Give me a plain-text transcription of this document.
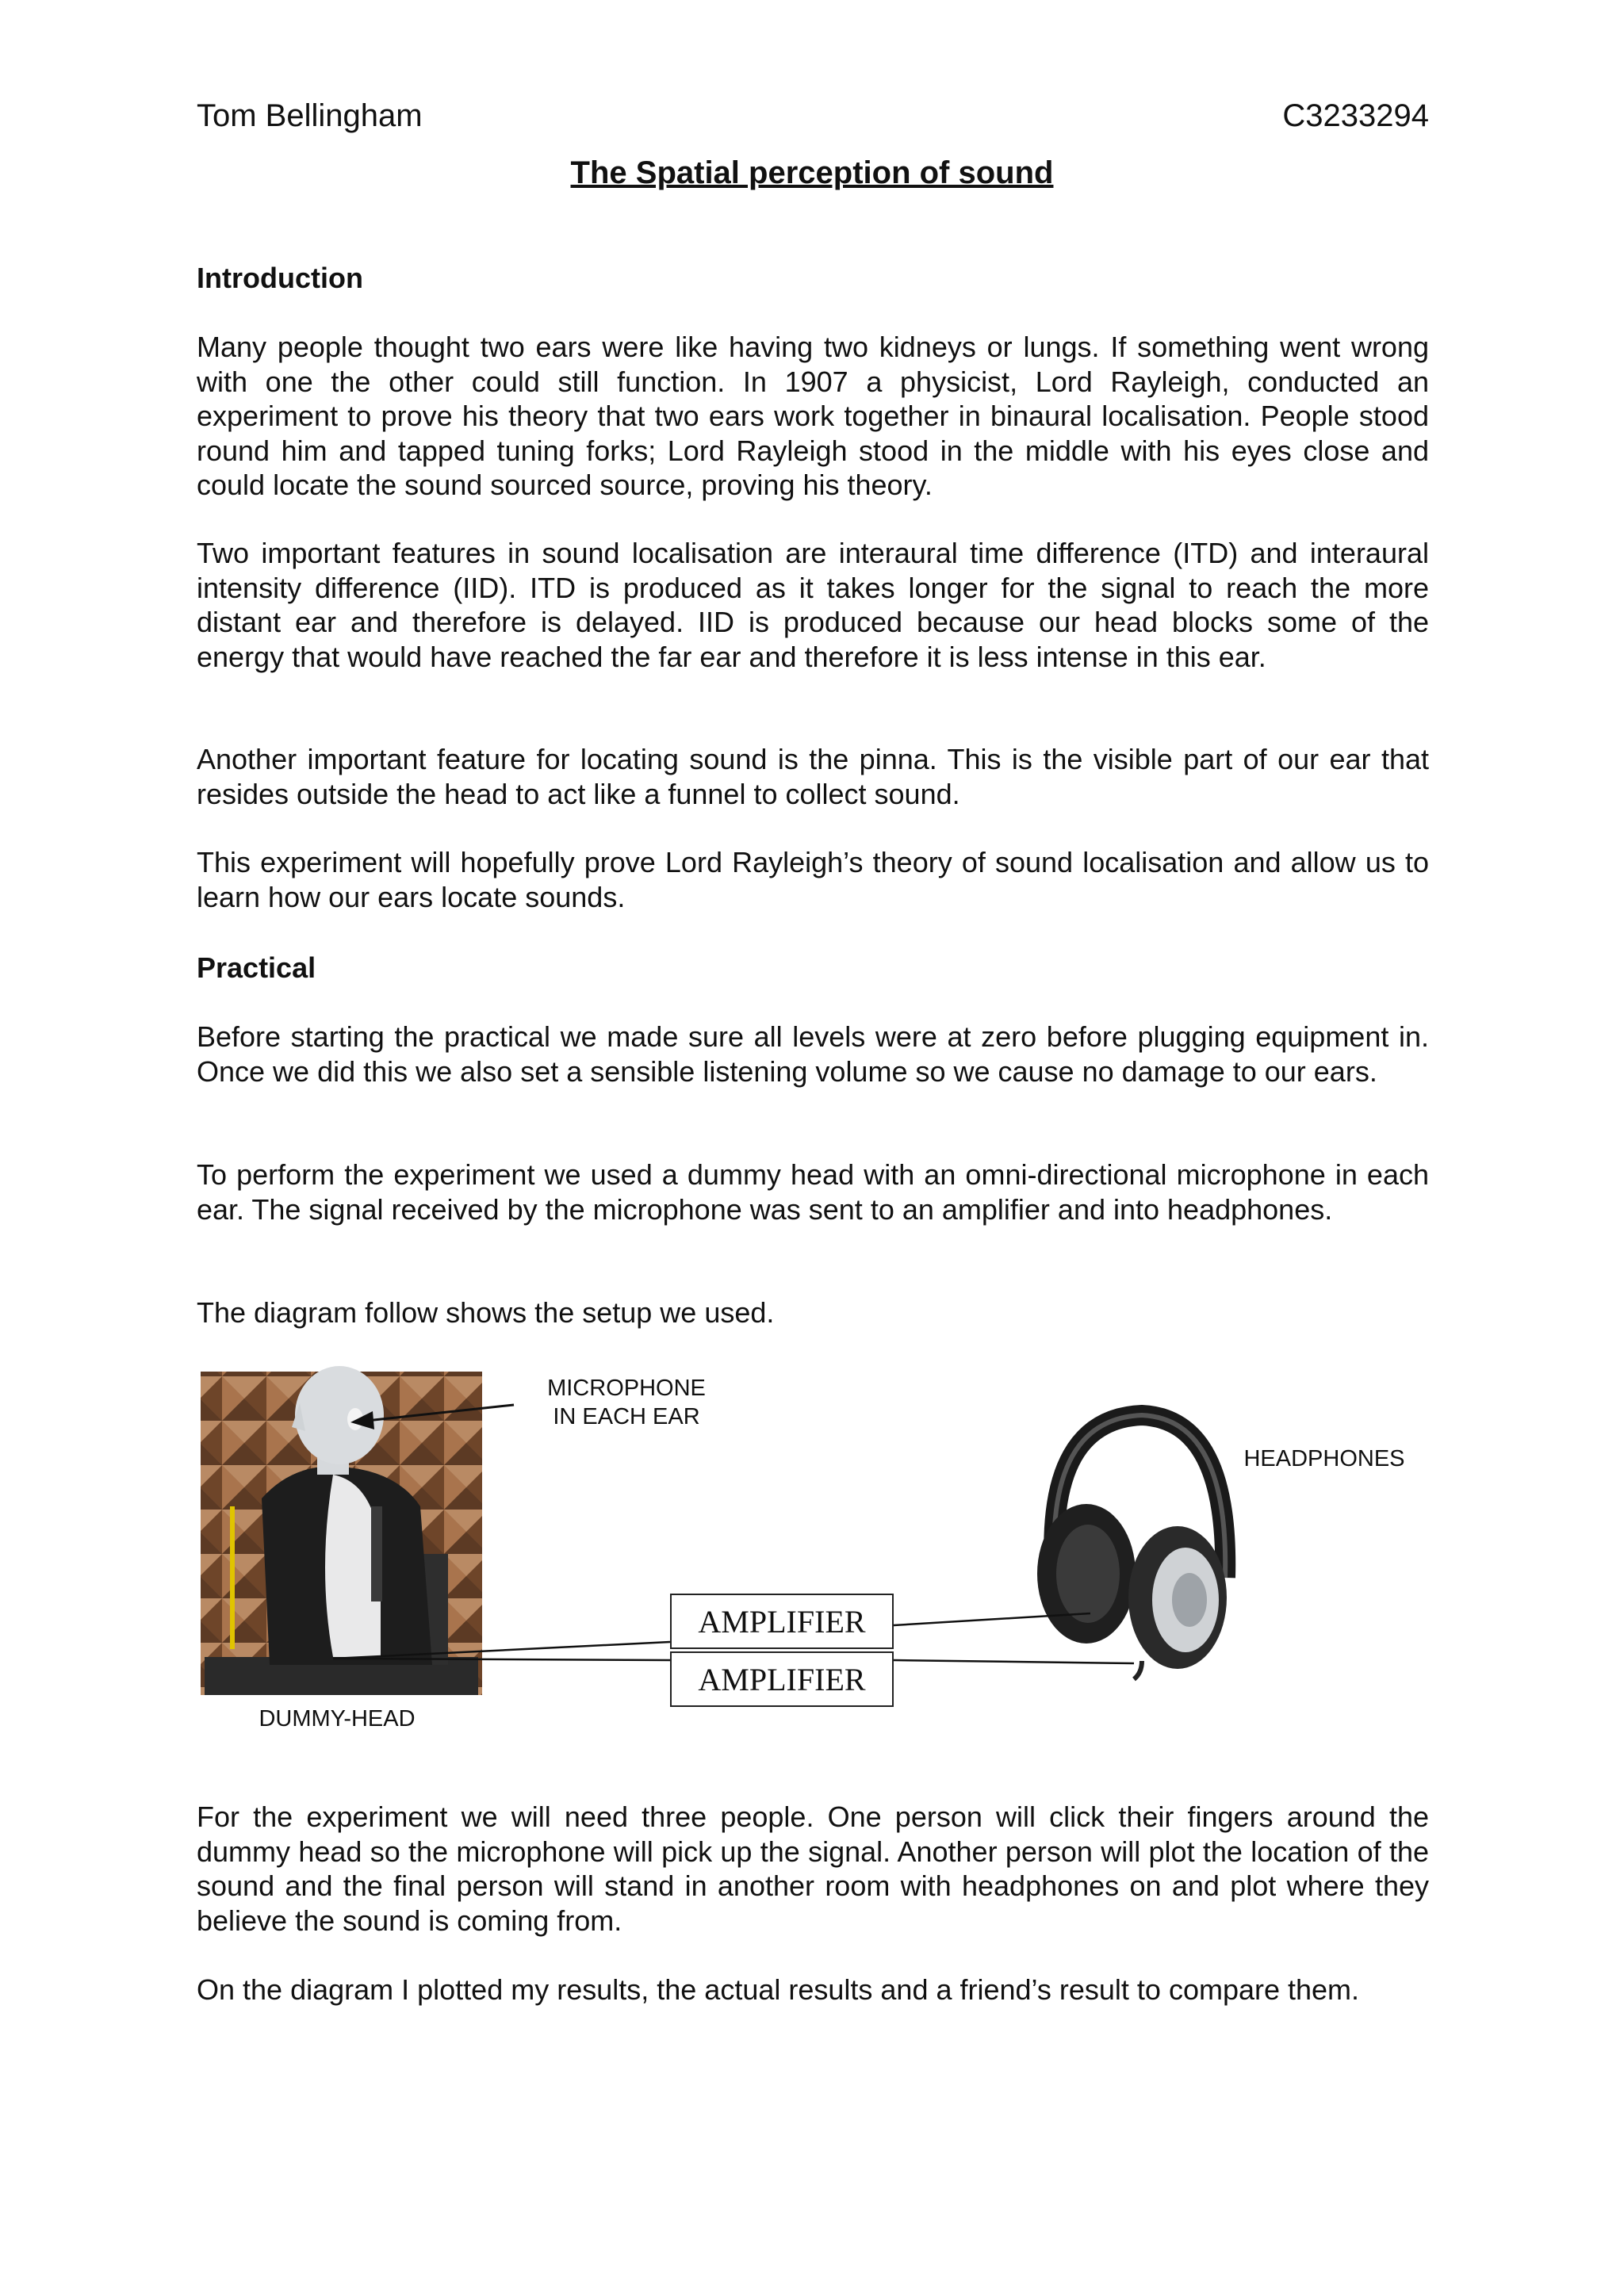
Tom Bellingham	C3233294
The Spatial perception of sound
Introduction
Many people thought two ears were like having two kidneys or lungs. If something went wrong with one the other could still function. In 1907 a physicist, Lord Rayleigh, conducted an experiment to prove his theory that two ears work together in binaural localisation. People stood round him and tapped tuning forks; Lord Rayleigh stood in the middle with his eyes close and could locate the sound sourced source, proving his theory.
Two important features in sound localisation are interaural time difference (ITD) and interaural intensity difference (IID). ITD is produced as it takes longer for the signal to reach the more distant ear and therefore is delayed. IID is produced because our head blocks some of the energy that would have reached the far ear and therefore it is less intense in this ear.
Another important feature for locating sound is the pinna. This is the visible part of our ear that resides outside the head to act like a funnel to collect sound.
This experiment will hopefully prove Lord Rayleigh’s theory of sound localisation and allow us to learn how our ears locate sounds.
Practical
Before starting the practical we made sure all levels were at zero before plugging equipment in. Once we did this we also set a sensible listening volume so we cause no damage to our ears.
To perform the experiment we used a dummy head with an omni-directional microphone in each ear. The signal received by the microphone was sent to an amplifier and into headphones.
The diagram follow shows the setup we used.
MICROPHONE
IN EACH EAR
HEADPHONES
DUMMY-HEAD
AMPLIFIER
AMPLIFIER
For the experiment we will need three people. One person will click their fingers around the dummy head so the microphone will pick up the signal. Another person will plot the location of the sound and the final person will stand in another room with headphones on and plot where they believe the sound is coming from.
On the diagram I plotted my results, the actual results and a friend’s result to compare them.
